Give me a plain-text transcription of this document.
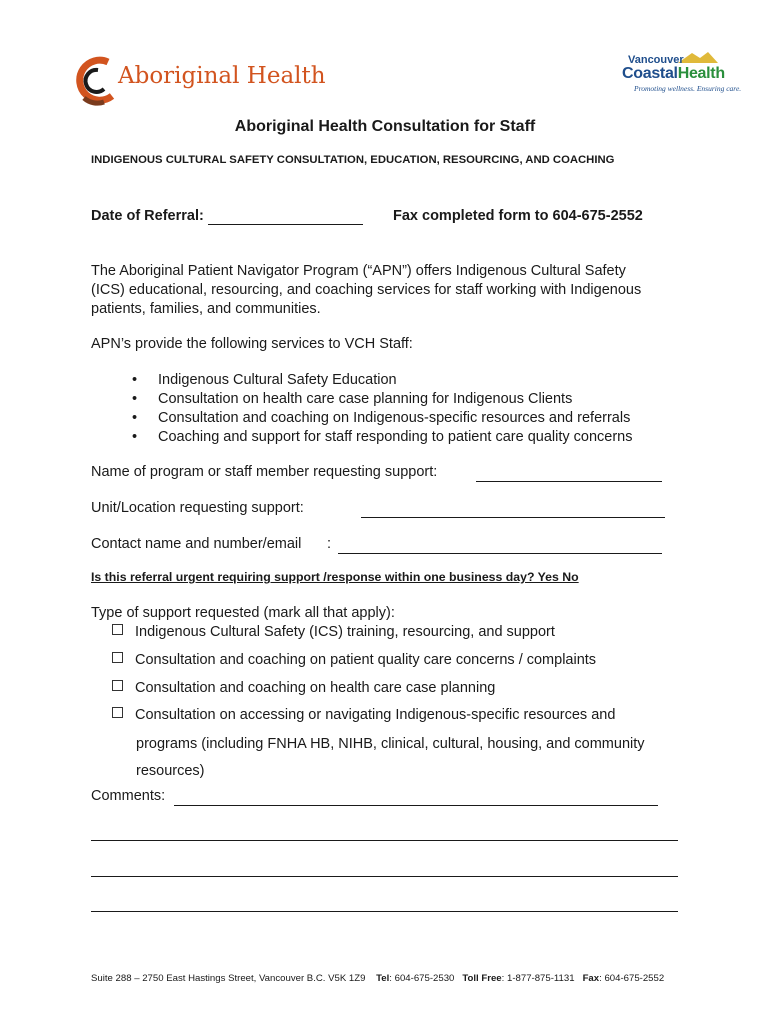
Aboriginal Health
Vancouver
CoastalHealth
Promoting wellness. Ensuring care.
Aboriginal Health Consultation for Staff
INDIGENOUS CULTURAL SAFETY CONSULTATION, EDUCATION, RESOURCING, AND COACHING
Date of Referral:	Fax completed form to 604-675-2552
The Aboriginal Patient Navigator Program (“APN”) offers Indigenous Cultural Safety
(ICS) educational, resourcing, and coaching services for staff working with Indigenous
patients, families, and communities.
APN’s provide the following services to VCH Staff:
• Indigenous Cultural Safety Education
• Consultation on health care case planning for Indigenous Clients
• Consultation and coaching on Indigenous-specific resources and referrals
• Coaching and support for staff responding to patient care quality concerns
Name of program or staff member requesting support:
Unit/Location requesting support:
Contact name and number/email :
Is this referral urgent requiring support /response within one business day? Yes No
Type of support requested (mark all that apply):
Indigenous Cultural Safety (ICS) training, resourcing, and support
Consultation and coaching on patient quality care concerns / complaints
Consultation and coaching on health care case planning
Consultation on accessing or navigating Indigenous-specific resources and
programs (including FNHA HB, NIHB, clinical, cultural, housing, and community
resources)
Comments:
Suite 288 – 2750 East Hastings Street, Vancouver B.C. V5K 1Z9 Tel: 604-675-2530 Toll Free: 1-877-875-1131 Fax: 604-675-2552
